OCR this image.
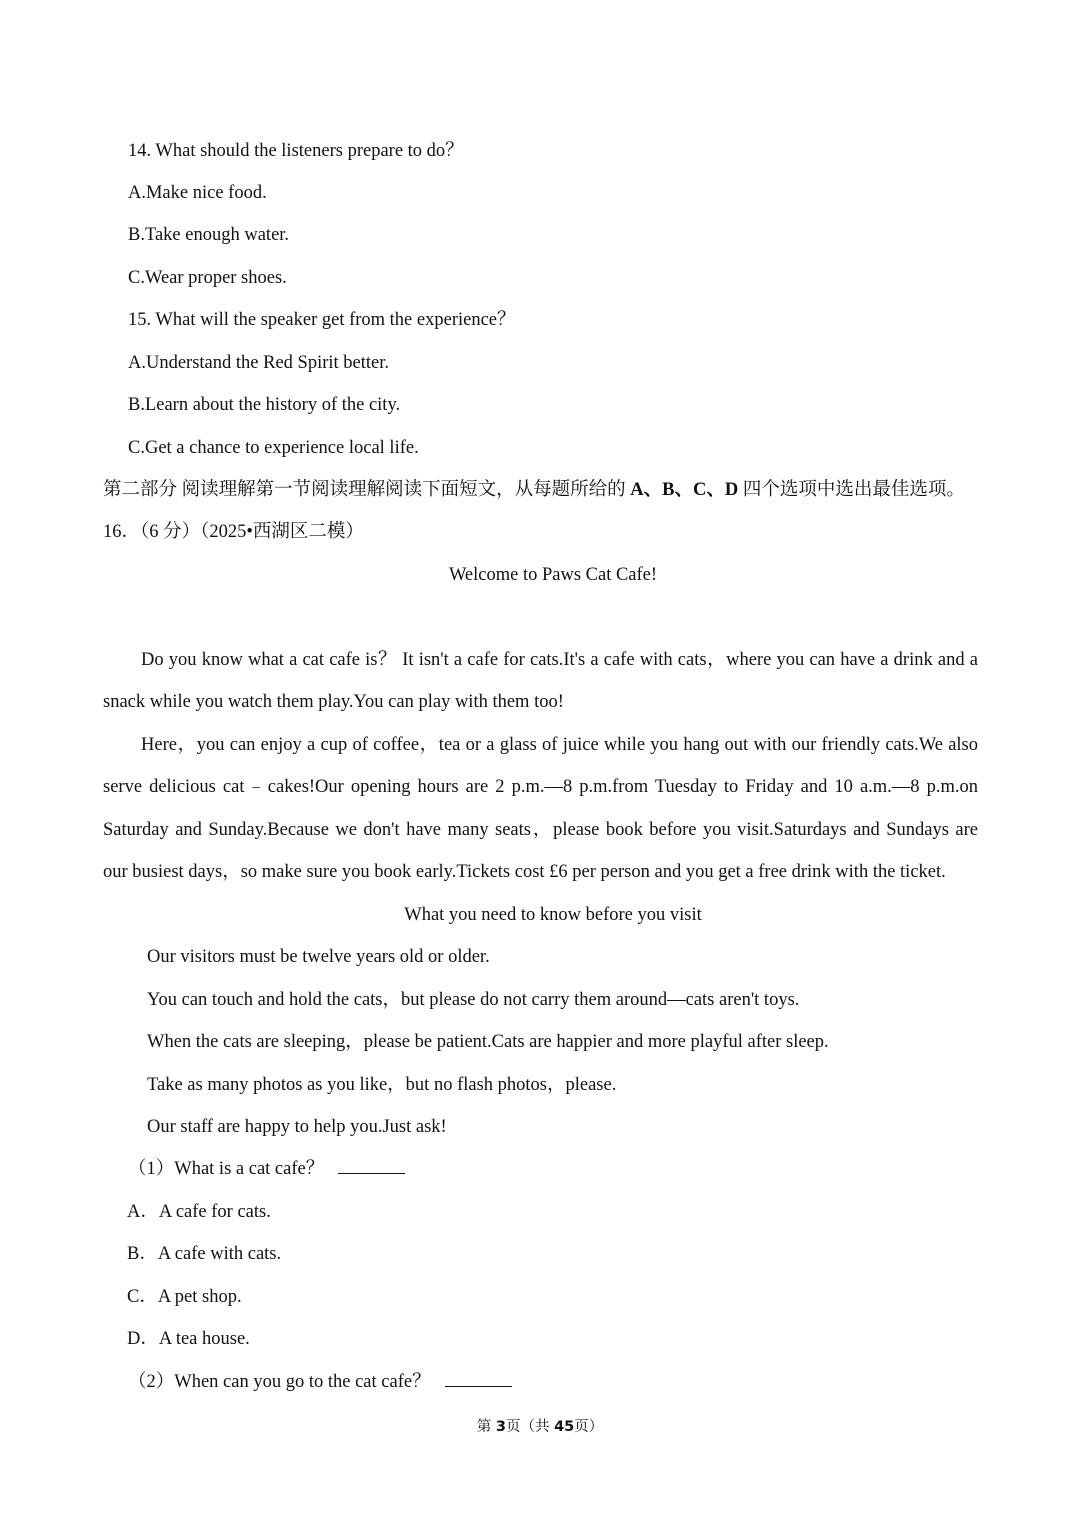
14. What should the listeners prepare to do？
A.Make nice food.
B.Take enough water.
C.Wear proper shoes.
15. What will the speaker get from the experience？
A.Understand the Red Spirit better.
B.Learn about the history of the city.
C.Get a chance to experience local life.
第二部分 阅读理解第一节阅读理解阅读下面短文，从每题所给的 A、B、C、D 四个选项中选出最佳选项。
16．（6 分）（2025•西湖区二模）
Welcome to Paws Cat Cafe!
Do you know what a cat cafe is？ It isn't a cafe for cats.It's a cafe with cats，where you can have a drink and a
snack while you watch them play.You can play with them too!
Here，you can enjoy a cup of coffee，tea or a glass of juice while you hang out with our friendly cats.We also
serve delicious cat﹣cakes!Our opening hours are 2 p.m.—8 p.m.from Tuesday to Friday and 10 a.m.—8 p.m.on
Saturday and Sunday.Because we don't have many seats，please book before you visit.Saturdays and Sundays are
our busiest days，so make sure you book early.Tickets cost £6 per person and you get a free drink with the ticket.
What you need to know before you visit
Our visitors must be twelve years old or older.
You can touch and hold the cats，but please do not carry them around—cats aren't toys.
When the cats are sleeping，please be patient.Cats are happier and more playful after sleep.
Take as many photos as you like，but no flash photos，please.
Our staff are happy to help you.Just ask!
（1）What is a cat cafe？
A．A cafe for cats.
B．A cafe with cats.
C．A pet shop.
D．A tea house.
（2）When can you go to the cat cafe？
第 3页（共 45页）
